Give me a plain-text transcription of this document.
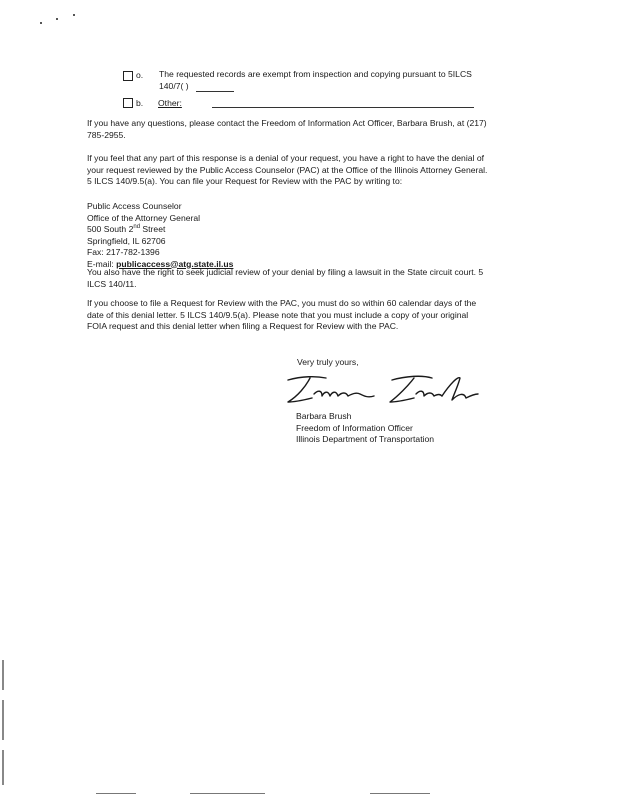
o. The requested records are exempt from inspection and copying pursuant to 5ILCS
140/7( )

b. Other:

If you have any questions, please contact the Freedom of Information Act Officer, Barbara Brush, at (217)
785-2955.

If you feel that any part of this response is a denial of your request, you have a right to have the denial of
your request reviewed by the Public Access Counselor (PAC) at the Office of the Illinois Attorney General.
5 ILCS 140/9.5(a). You can file your Request for Review with the PAC by writing to:

Public Access Counselor
Office of the Attorney General
500 South 2nd Street
Springfield, IL 62706
Fax: 217-782-1396
E-mail: publicaccess@atg.state.il.us

You also have the right to seek judicial review of your denial by filing a lawsuit in the State circuit court. 5
ILCS 140/11.

If you choose to file a Request for Review with the PAC, you must do so within 60 calendar days of the
date of this denial letter. 5 ILCS 140/9.5(a). Please note that you must include a copy of your original
FOIA request and this denial letter when filing a Request for Review with the PAC.

Very truly yours,
Barbara Brush
Freedom of Information Officer
Illinois Department of Transportation
